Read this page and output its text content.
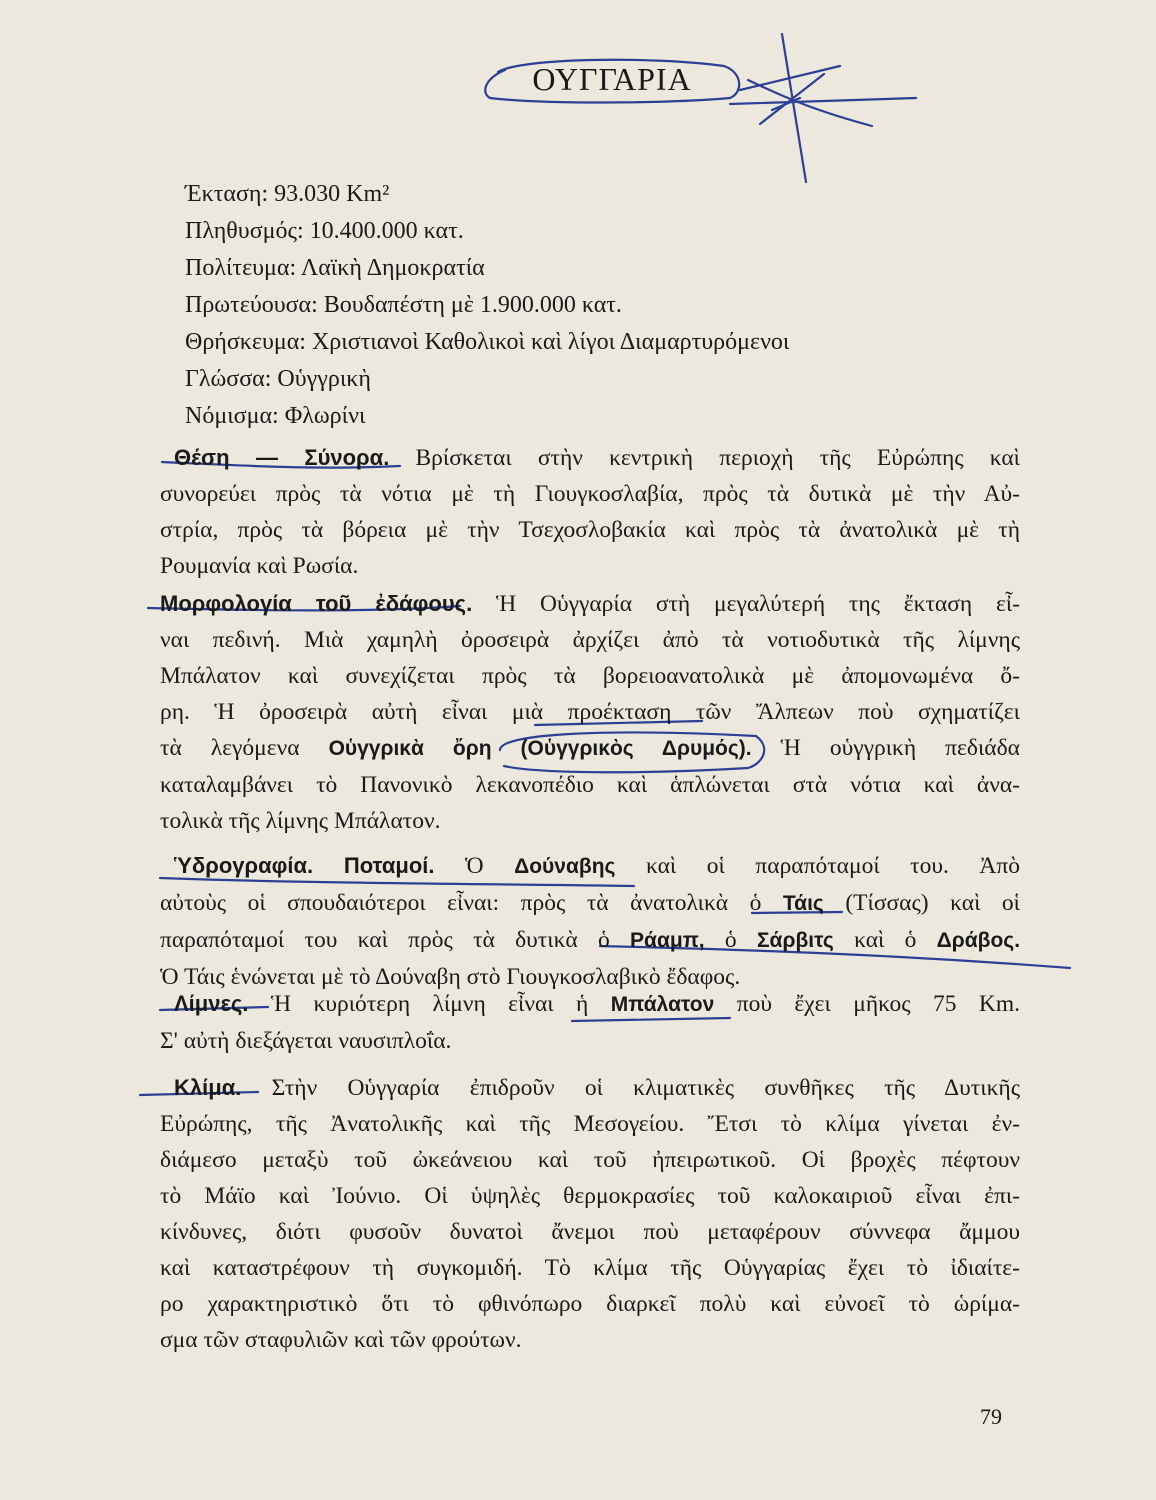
ΟΥΓΓΑΡΙΑ
Έκταση: 93.030 Km²
Πληθυσμός: 10.400.000 κατ.
Πολίτευμα: Λαϊκὴ Δημοκρατία
Πρωτεύουσα: Βουδαπέστη μὲ 1.900.000 κατ.
Θρήσκευμα: Χριστιανοὶ Καθολικοὶ καὶ λίγοι Διαμαρτυρόμενοι
Γλώσσα: Οὑγγρικὴ
Νόμισμα: Φλωρίνι
Θέση — Σύνορα. Βρίσκεται στὴν κεντρικὴ περιοχὴ τῆς Εὐρώπης καὶ
συνορεύει πρὸς τὰ νότια μὲ τὴ Γιουγκοσλαβία, πρὸς τὰ δυτικὰ μὲ τὴν Αὐ-
στρία, πρὸς τὰ βόρεια μὲ τὴν Τσεχοσλοβακία καὶ πρὸς τὰ ἀνατολικὰ μὲ τὴ
Ρουμανία καὶ Ρωσία.
Μορφολογία τοῦ ἐδάφους. Ἡ Οὑγγαρία στὴ μεγαλύτερή της ἔκταση εἶ-
ναι πεδινή. Μιὰ χαμηλὴ ὀροσειρὰ ἀρχίζει ἀπὸ τὰ νοτιοδυτικὰ τῆς λίμνης
Μπάλατον καὶ συνεχίζεται πρὸς τὰ βορειοανατολικὰ μὲ ἀπομονωμένα ὄ-
ρη. Ἡ ὀροσειρὰ αὐτὴ εἶναι μιὰ προέκταση τῶν Ἄλπεων ποὺ σχηματίζει
τὰ λεγόμενα Οὑγγρικὰ ὄρη (Οὑγγρικὸς Δρυμός). Ἡ οὑγγρικὴ πεδιάδα
καταλαμβάνει τὸ Πανονικὸ λεκανοπέδιο καὶ ἁπλώνεται στὰ νότια καὶ ἀνα-
τολικὰ τῆς λίμνης Μπάλατον.
Ὑδρογραφία. Ποταμοί. Ὁ Δούναβης καὶ οἱ παραπόταμοί του. Ἀπὸ
αὐτοὺς οἱ σπουδαιότεροι εἶναι: πρὸς τὰ ἀνατολικὰ ὁ Τάις (Τίσσας) καὶ οἱ
παραπόταμοί του καὶ πρὸς τὰ δυτικὰ ὁ Ράαμπ, ὁ Σάρβιτς καὶ ὁ Δράβος.
Ὁ Τάις ἑνώνεται μὲ τὸ Δούναβη στὸ Γιουγκοσλαβικὸ ἔδαφος.
Λίμνες. Ἡ κυριότερη λίμνη εἶναι ἡ Μπάλατον ποὺ ἔχει μῆκος 75 Km.
Σ' αὐτὴ διεξάγεται ναυσιπλοΐα.
Κλίμα. Στὴν Οὑγγαρία ἐπιδροῦν οἱ κλιματικὲς συνθῆκες τῆς Δυτικῆς
Εὐρώπης, τῆς Ἀνατολικῆς καὶ τῆς Μεσογείου. Ἔτσι τὸ κλίμα γίνεται ἐν-
διάμεσο μεταξὺ τοῦ ὠκεάνειου καὶ τοῦ ἠπειρωτικοῦ. Οἱ βροχὲς πέφτουν
τὸ Μάϊο καὶ Ἰούνιο. Οἱ ὑψηλὲς θερμοκρασίες τοῦ καλοκαιριοῦ εἶναι ἐπι-
κίνδυνες, διότι φυσοῦν δυνατοὶ ἄνεμοι ποὺ μεταφέρουν σύννεφα ἄμμου
καὶ καταστρέφουν τὴ συγκομιδή. Τὸ κλίμα τῆς Οὑγγαρίας ἔχει τὸ ἰδιαίτε-
ρο χαρακτηριστικὸ ὅτι τὸ φθινόπωρο διαρκεῖ πολὺ καὶ εὐνοεῖ τὸ ὡρίμα-
σμα τῶν σταφυλιῶν καὶ τῶν φρούτων.
79
